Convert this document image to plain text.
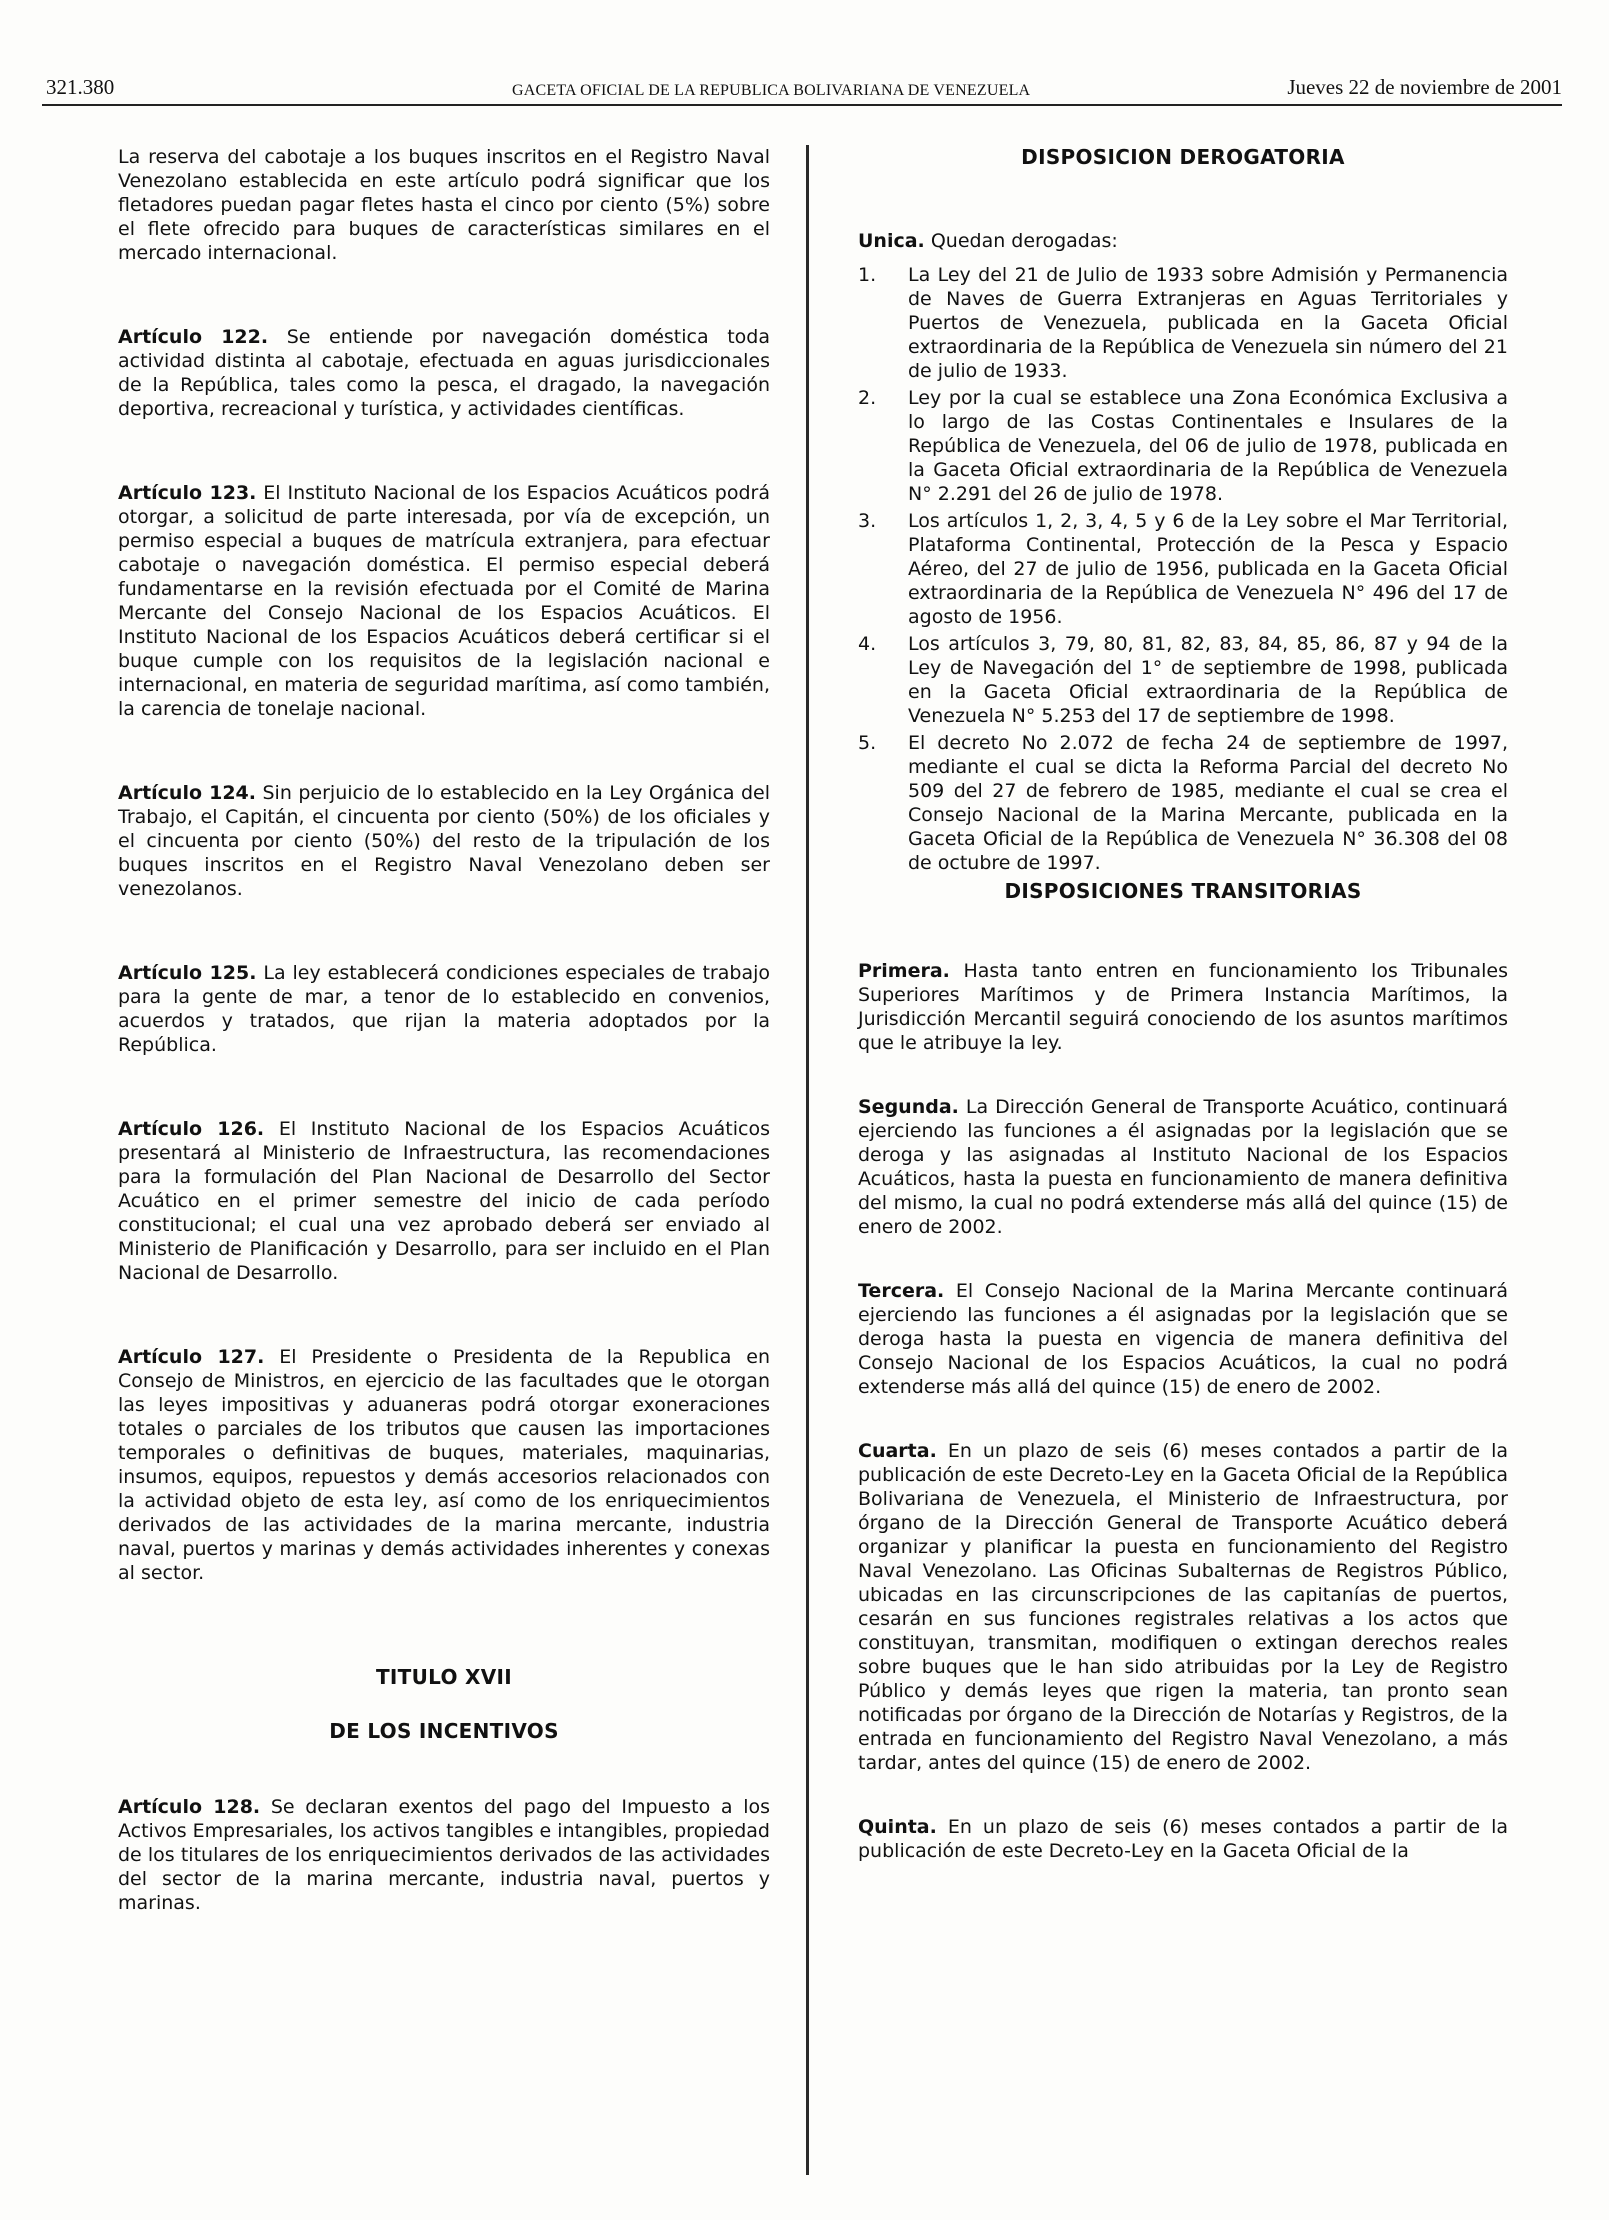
321.380	GACETA OFICIAL DE LA REPUBLICA BOLIVARIANA DE VENEZUELA	Jueves 22 de noviembre de 2001

La reserva del cabotaje a los buques inscritos en el Registro Naval Venezolano establecida en este artículo podrá significar que los fletadores puedan pagar fletes hasta el cinco por ciento (5%) sobre el flete ofrecido para buques de características similares en el mercado internacional.

Artículo 122. Se entiende por navegación doméstica toda actividad distinta al cabotaje, efectuada en aguas jurisdiccionales de la República, tales como la pesca, el dragado, la navegación deportiva, recreacional y turística, y actividades científicas.

Artículo 123. El Instituto Nacional de los Espacios Acuáticos podrá otorgar, a solicitud de parte interesada, por vía de excepción, un permiso especial a buques de matrícula extranjera, para efectuar cabotaje o navegación doméstica. El permiso especial deberá fundamentarse en la revisión efectuada por el Comité de Marina Mercante del Consejo Nacional de los Espacios Acuáticos. El Instituto Nacional de los Espacios Acuáticos deberá certificar si el buque cumple con los requisitos de la legislación nacional e internacional, en materia de seguridad marítima, así como también, la carencia de tonelaje nacional.

Artículo 124. Sin perjuicio de lo establecido en la Ley Orgánica del Trabajo, el Capitán, el cincuenta por ciento (50%) de los oficiales y el cincuenta por ciento (50%) del resto de la tripulación de los buques inscritos en el Registro Naval Venezolano deben ser venezolanos.

Artículo 125. La ley establecerá condiciones especiales de trabajo para la gente de mar, a tenor de lo establecido en convenios, acuerdos y tratados, que rijan la materia adoptados por la República.

Artículo 126. El Instituto Nacional de los Espacios Acuáticos presentará al Ministerio de Infraestructura, las recomendaciones para la formulación del Plan Nacional de Desarrollo del Sector Acuático en el primer semestre del inicio de cada período constitucional; el cual una vez aprobado deberá ser enviado al Ministerio de Planificación y Desarrollo, para ser incluido en el Plan Nacional de Desarrollo.

Artículo 127. El Presidente o Presidenta de la Republica en Consejo de Ministros, en ejercicio de las facultades que le otorgan las leyes impositivas y aduaneras podrá otorgar exoneraciones totales o parciales de los tributos que causen las importaciones temporales o definitivas de buques, materiales, maquinarias, insumos, equipos, repuestos y demás accesorios relacionados con la actividad objeto de esta ley, así como de los enriquecimientos derivados de las actividades de la marina mercante, industria naval, puertos y marinas y demás actividades inherentes y conexas al sector.

TITULO XVII
DE LOS INCENTIVOS

Artículo 128. Se declaran exentos del pago del Impuesto a los Activos Empresariales, los activos tangibles e intangibles, propiedad de los titulares de los enriquecimientos derivados de las actividades del sector de la marina mercante, industria naval, puertos y marinas.

DISPOSICION DEROGATORIA

Unica. Quedan derogadas:

1. La Ley del 21 de Julio de 1933 sobre Admisión y Permanencia de Naves de Guerra Extranjeras en Aguas Territoriales y Puertos de Venezuela, publicada en la Gaceta Oficial extraordinaria de la República de Venezuela sin número del 21 de julio de 1933.
2. Ley por la cual se establece una Zona Económica Exclusiva a lo largo de las Costas Continentales e Insulares de la República de Venezuela, del 06 de julio de 1978, publicada en la Gaceta Oficial extraordinaria de la República de Venezuela N° 2.291 del 26 de julio de 1978.
3. Los artículos 1, 2, 3, 4, 5 y 6 de la Ley sobre el Mar Territorial, Plataforma Continental, Protección de la Pesca y Espacio Aéreo, del 27 de julio de 1956, publicada en la Gaceta Oficial extraordinaria de la República de Venezuela N° 496 del 17 de agosto de 1956.
4. Los artículos 3, 79, 80, 81, 82, 83, 84, 85, 86, 87 y 94 de la Ley de Navegación del 1° de septiembre de 1998, publicada en la Gaceta Oficial extraordinaria de la República de Venezuela N° 5.253 del 17 de septiembre de 1998.
5. El decreto No 2.072 de fecha 24 de septiembre de 1997, mediante el cual se dicta la Reforma Parcial del decreto No 509 del 27 de febrero de 1985, mediante el cual se crea el Consejo Nacional de la Marina Mercante, publicada en la Gaceta Oficial de la República de Venezuela N° 36.308 del 08 de octubre de 1997.
DISPOSICIONES TRANSITORIAS

Primera. Hasta tanto entren en funcionamiento los Tribunales Superiores Marítimos y de Primera Instancia Marítimos, la Jurisdicción Mercantil seguirá conociendo de los asuntos marítimos que le atribuye la ley.

Segunda. La Dirección General de Transporte Acuático, continuará ejerciendo las funciones a él asignadas por la legislación que se deroga y las asignadas al Instituto Nacional de los Espacios Acuáticos, hasta la puesta en funcionamiento de manera definitiva del mismo, la cual no podrá extenderse más allá del quince (15) de enero de 2002.

Tercera. El Consejo Nacional de la Marina Mercante continuará ejerciendo las funciones a él asignadas por la legislación que se deroga hasta la puesta en vigencia de manera definitiva del Consejo Nacional de los Espacios Acuáticos, la cual no podrá extenderse más allá del quince (15) de enero de 2002.

Cuarta. En un plazo de seis (6) meses contados a partir de la publicación de este Decreto-Ley en la Gaceta Oficial de la República Bolivariana de Venezuela, el Ministerio de Infraestructura, por órgano de la Dirección General de Transporte Acuático deberá organizar y planificar la puesta en funcionamiento del Registro Naval Venezolano. Las Oficinas Subalternas de Registros Público, ubicadas en las circunscripciones de las capitanías de puertos, cesarán en sus funciones registrales relativas a los actos que constituyan, transmitan, modifiquen o extingan derechos reales sobre buques que le han sido atribuidas por la Ley de Registro Público y demás leyes que rigen la materia, tan pronto sean notificadas por órgano de la Dirección de Notarías y Registros, de la entrada en funcionamiento del Registro Naval Venezolano, a más tardar, antes del quince (15) de enero de 2002.

Quinta. En un plazo de seis (6) meses contados a partir de la publicación de este Decreto-Ley en la Gaceta Oficial de la
